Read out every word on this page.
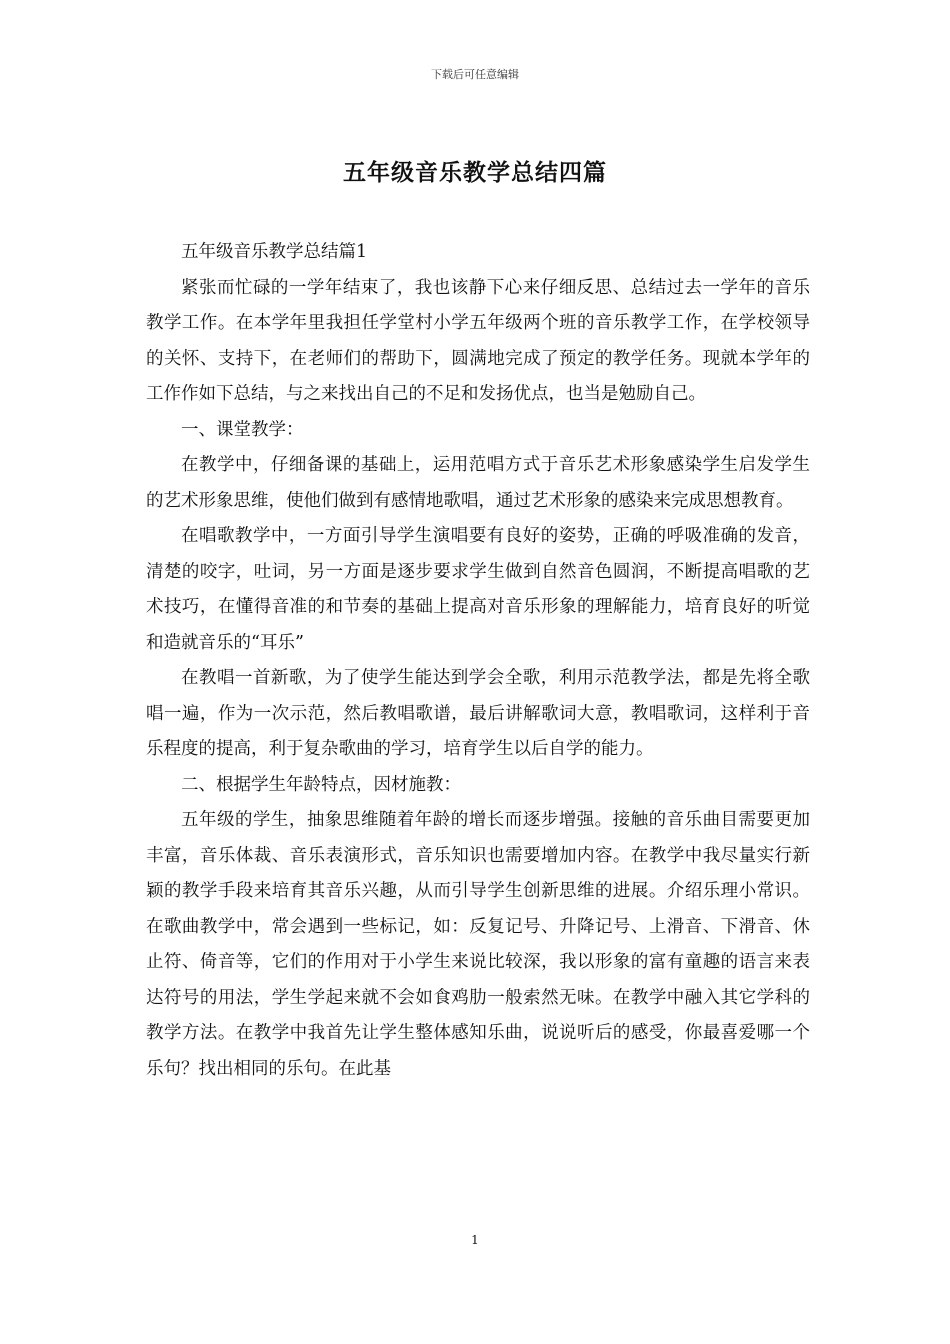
下载后可任意编辑
五年级音乐教学总结四篇

五年级音乐教学总结篇1

紧张而忙碌的一学年结束了，我也该静下心来仔细反思、总结过去一学年的音乐教学工作。在本学年里我担任学堂村小学五年级两个班的音乐教学工作，在学校领导的关怀、支持下，在老师们的帮助下，圆满地完成了预定的教学任务。现就本学年的工作作如下总结，与之来找出自己的不足和发扬优点，也当是勉励自己。

一、课堂教学：

在教学中，仔细备课的基础上，运用范唱方式于音乐艺术形象感染学生启发学生的艺术形象思维，使他们做到有感情地歌唱，通过艺术形象的感染来完成思想教育。

在唱歌教学中，一方面引导学生演唱要有良好的姿势，正确的呼吸准确的发音，清楚的咬字，吐词，另一方面是逐步要求学生做到自然音色圆润，不断提高唱歌的艺术技巧，在懂得音准的和节奏的基础上提高对音乐形象的理解能力，培育良好的听觉和造就音乐的“耳乐”

在教唱一首新歌，为了使学生能达到学会全歌，利用示范教学法，都是先将全歌唱一遍，作为一次示范，然后教唱歌谱，最后讲解歌词大意，教唱歌词，这样利于音乐程度的提高，利于复杂歌曲的学习，培育学生以后自学的能力。

二、根据学生年龄特点，因材施教：

五年级的学生，抽象思维随着年龄的增长而逐步增强。接触的音乐曲目需要更加丰富，音乐体裁、音乐表演形式，音乐知识也需要增加内容。在教学中我尽量实行新颖的教学手段来培育其音乐兴趣，从而引导学生创新思维的进展。介绍乐理小常识。在歌曲教学中，常会遇到一些标记，如：反复记号、升降记号、上滑音、下滑音、休止符、倚音等，它们的作用对于小学生来说比较深，我以形象的富有童趣的语言来表达符号的用法，学生学起来就不会如食鸡肋一般索然无味。在教学中融入其它学科的教学方法。在教学中我首先让学生整体感知乐曲，说说听后的感受，你最喜爱哪一个乐句？找出相同的乐句。在此基

1
